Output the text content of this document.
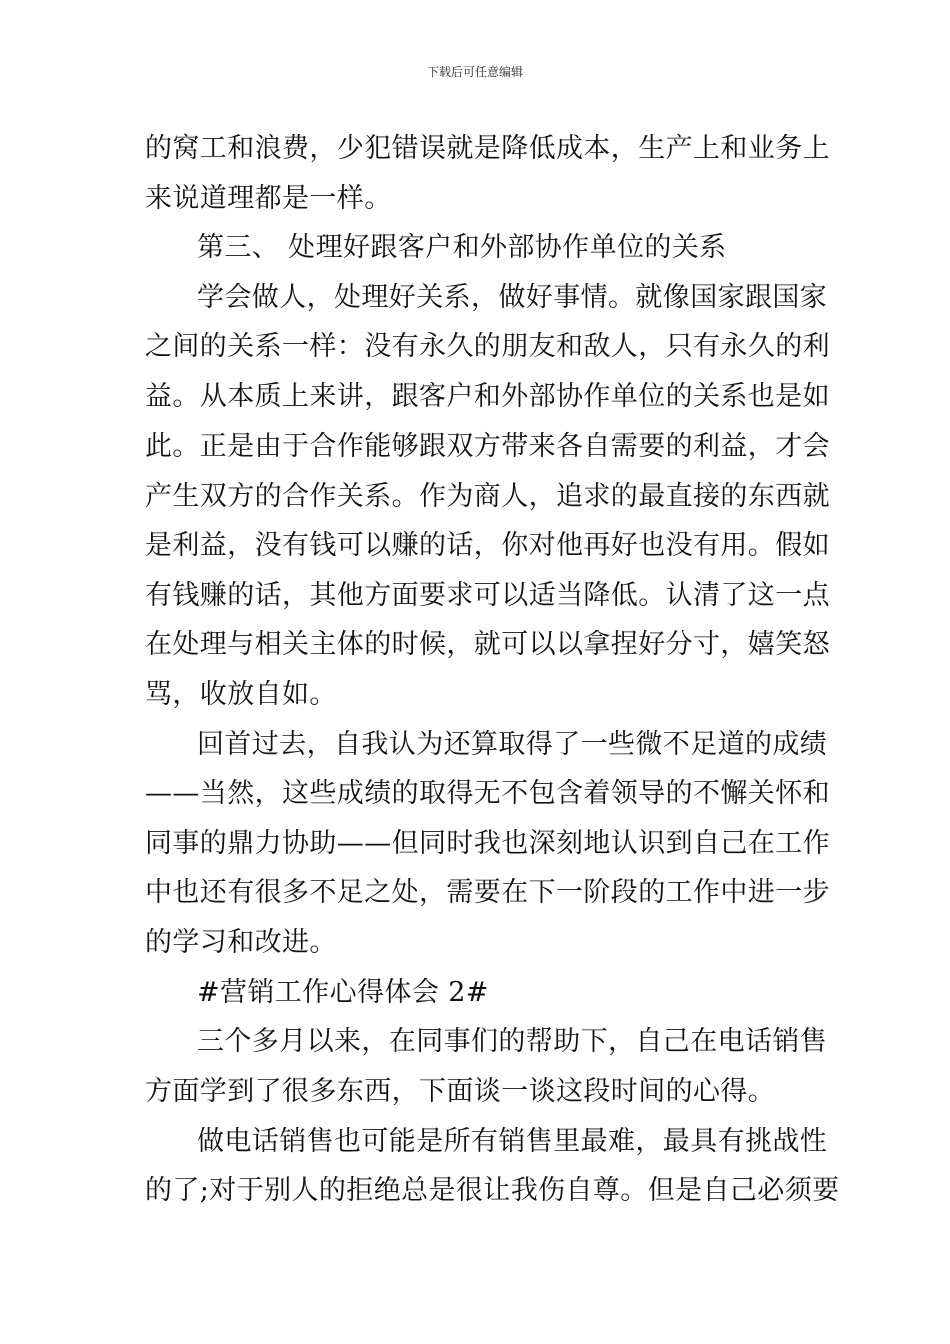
下载后可任意编辑
的窝工和浪费，少犯错误就是降低成本，生产上和业务上
来说道理都是一样。
第三、 处理好跟客户和外部协作单位的关系
学会做人，处理好关系，做好事情。就像国家跟国家
之间的关系一样：没有永久的朋友和敌人，只有永久的利
益。从本质上来讲，跟客户和外部协作单位的关系也是如
此。正是由于合作能够跟双方带来各自需要的利益，才会
产生双方的合作关系。作为商人，追求的最直接的东西就
是利益，没有钱可以赚的话，你对他再好也没有用。假如
有钱赚的话，其他方面要求可以适当降低。认清了这一点
在处理与相关主体的时候，就可以以拿捏好分寸，嬉笑怒
骂，收放自如。
回首过去，自我认为还算取得了一些微不足道的成绩
——当然，这些成绩的取得无不包含着领导的不懈关怀和
同事的鼎力协助——但同时我也深刻地认识到自己在工作
中也还有很多不足之处，需要在下一阶段的工作中进一步
的学习和改进。
#营销工作心得体会 2#
三个多月以来，在同事们的帮助下，自己在电话销售
方面学到了很多东西，下面谈一谈这段时间的心得。
做电话销售也可能是所有销售里最难，最具有挑战性
的了;对于别人的拒绝总是很让我伤自尊。但是自己必须要
